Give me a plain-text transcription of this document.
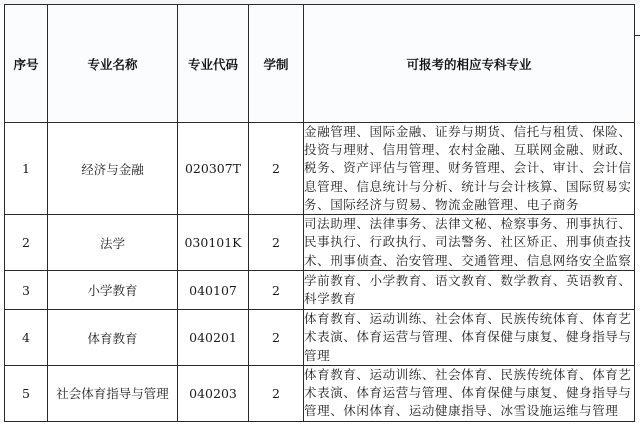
序号	专业名称	专业代码	学制	可报考的相应专科专业
1	经济与金融	020307T	2	金融管理、国际金融、证券与期货、信托与租赁、保险、投资与理财、信用管理、农村金融、互联网金融、财政、税务、资产评估与管理、财务管理、会计、审计、会计信息管理、信息统计与分析、统计与会计核算、国际贸易实务、国际经济与贸易、物流金融管理、电子商务
2	法学	030101K	2	司法助理、法律事务、法律文秘、检察事务、刑事执行、民事执行、行政执行、司法警务、社区矫正、刑事侦查技术、刑事侦查、治安管理、交通管理、信息网络安全监察
3	小学教育	040107	2	学前教育、小学教育、语文教育、数学教育、英语教育、科学教育
4	体育教育	040201	2	体育教育、运动训练、社会体育、民族传统体育、体育艺术表演、体育运营与管理、体育保健与康复、健身指导与管理
5	社会体育指导与管理	040203	2	体育教育、运动训练、社会体育、民族传统体育、体育艺术表演、体育运营与管理、体育保健与康复、健身指导与管理、休闲体育、运动健康指导、冰雪设施运维与管理
